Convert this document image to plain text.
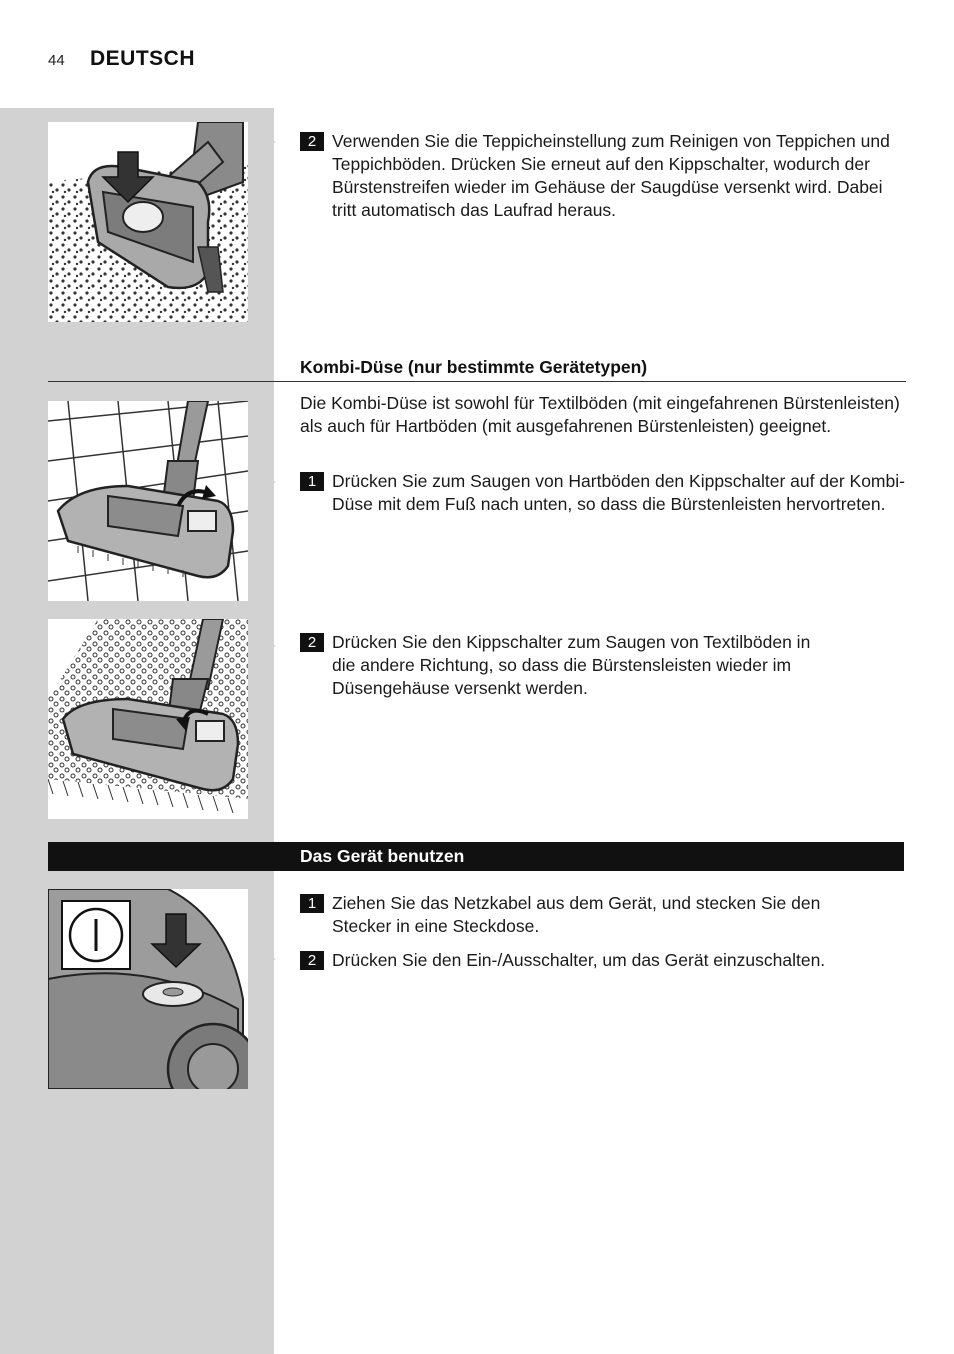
44 DEUTSCH
2 Verwenden Sie die Teppicheinstellung zum Reinigen von Teppichen und Teppichböden. Drücken Sie erneut auf den Kippschalter, wodurch der Bürstenstreifen wieder im Gehäuse der Saugdüse versenkt wird. Dabei tritt automatisch das Laufrad heraus.
Kombi-Düse (nur bestimmte Gerätetypen)
Die Kombi-Düse ist sowohl für Textilböden (mit eingefahrenen Bürstenleisten) als auch für Hartböden (mit ausgefahrenen Bürstenleisten) geeignet.
1 Drücken Sie zum Saugen von Hartböden den Kippschalter auf der Kombi-Düse mit dem Fuß nach unten, so dass die Bürstenleisten hervortreten.
2 Drücken Sie den Kippschalter zum Saugen von Textilböden in die andere Richtung, so dass die Bürstensleisten wieder im Düsengehäuse versenkt werden.
Das Gerät benutzen
1 Ziehen Sie das Netzkabel aus dem Gerät, und stecken Sie den Stecker in eine Steckdose.
2 Drücken Sie den Ein-/Ausschalter, um das Gerät einzuschalten.
